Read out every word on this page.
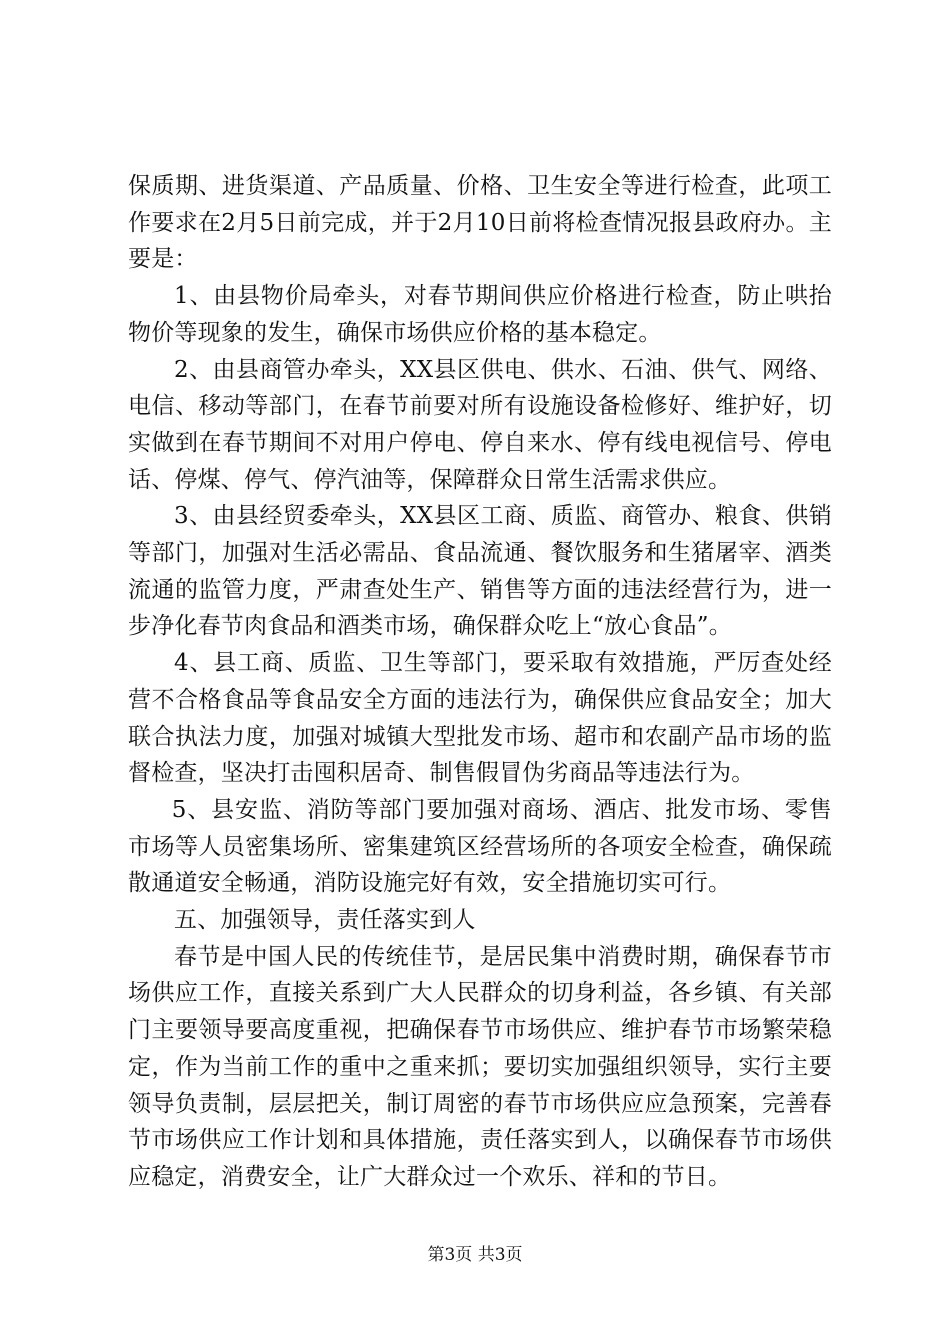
保质期、进货渠道、产品质量、价格、卫生安全等进行检查，此项工作要求在2月5日前完成，并于2月10日前将检查情况报县政府办。主要是：

1、由县物价局牵头，对春节期间供应价格进行检查，防止哄抬物价等现象的发生，确保市场供应价格的基本稳定。

2、由县商管办牵头，XX县区供电、供水、石油、供气、网络、电信、移动等部门，在春节前要对所有设施设备检修好、维护好，切实做到在春节期间不对用户停电、停自来水、停有线电视信号、停电话、停煤、停气、停汽油等，保障群众日常生活需求供应。

3、由县经贸委牵头，XX县区工商、质监、商管办、粮食、供销等部门，加强对生活必需品、食品流通、餐饮服务和生猪屠宰、酒类流通的监管力度，严肃查处生产、销售等方面的违法经营行为，进一步净化春节肉食品和酒类市场，确保群众吃上“放心食品”。

4、县工商、质监、卫生等部门，要采取有效措施，严厉查处经营不合格食品等食品安全方面的违法行为，确保供应食品安全；加大联合执法力度，加强对城镇大型批发市场、超市和农副产品市场的监督检查，坚决打击囤积居奇、制售假冒伪劣商品等违法行为。

5、县安监、消防等部门要加强对商场、酒店、批发市场、零售市场等人员密集场所、密集建筑区经营场所的各项安全检查，确保疏散通道安全畅通，消防设施完好有效，安全措施切实可行。

五、加强领导，责任落实到人

春节是中国人民的传统佳节，是居民集中消费时期，确保春节市场供应工作，直接关系到广大人民群众的切身利益，各乡镇、有关部门主要领导要高度重视，把确保春节市场供应、维护春节市场繁荣稳定，作为当前工作的重中之重来抓；要切实加强组织领导，实行主要领导负责制，层层把关，制订周密的春节市场供应应急预案，完善春节市场供应工作计划和具体措施，责任落实到人，以确保春节市场供应稳定，消费安全，让广大群众过一个欢乐、祥和的节日。

第3页 共3页
